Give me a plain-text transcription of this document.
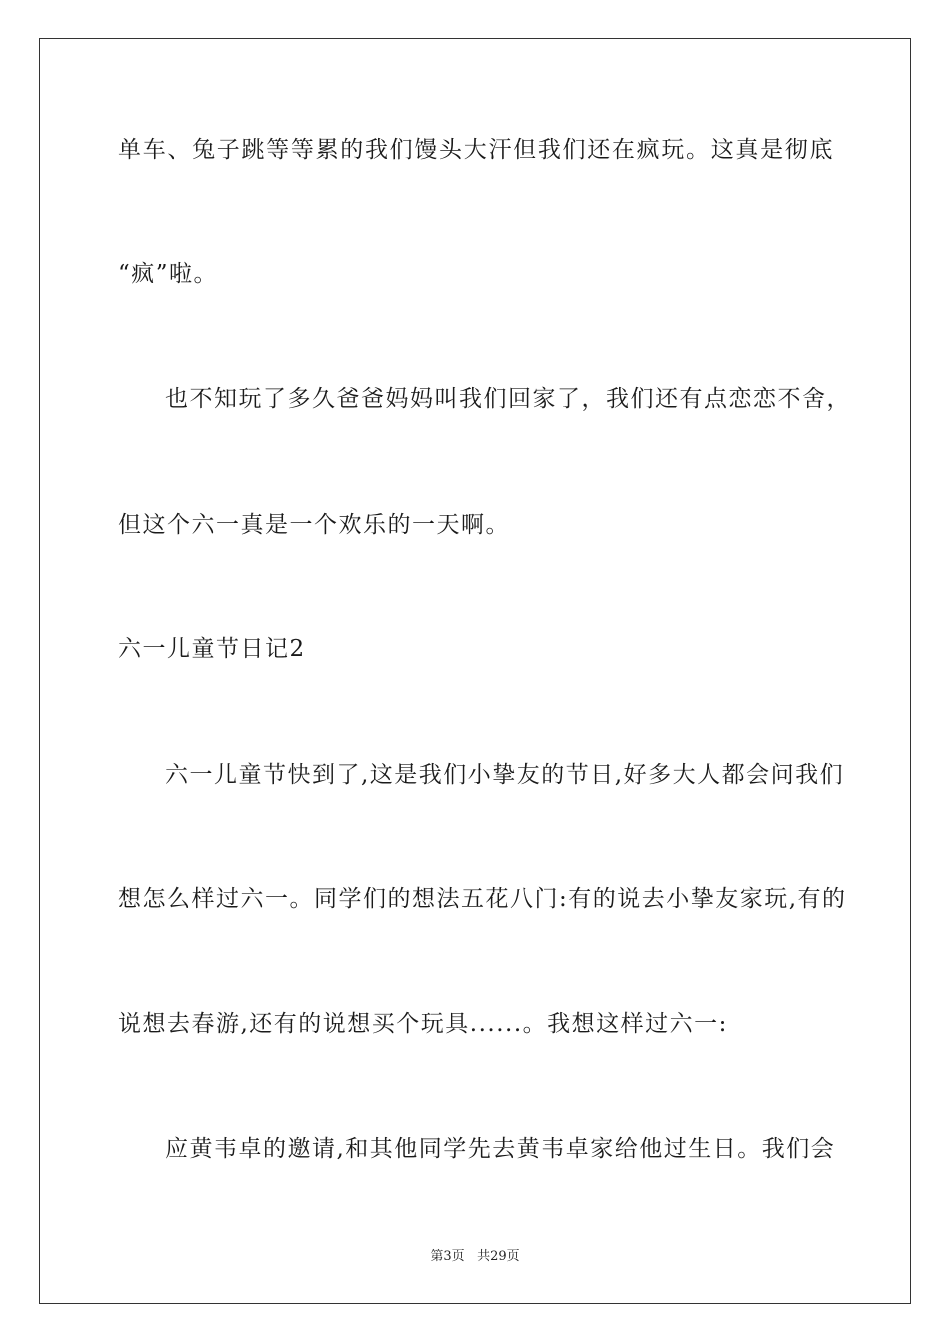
单车、兔子跳等等累的我们馒头大汗但我们还在疯玩。这真是彻底
“疯”啦。
也不知玩了多久爸爸妈妈叫我们回家了，我们还有点恋恋不舍，
但这个六一真是一个欢乐的一天啊。
六一儿童节日记2
六一儿童节快到了,这是我们小挚友的节日,好多大人都会问我们
想怎么样过六一。同学们的想法五花八门:有的说去小挚友家玩,有的
说想去春游,还有的说想买个玩具......。我想这样过六一:
应黄韦卓的邀请,和其他同学先去黄韦卓家给他过生日。我们会
第3页 共29页
